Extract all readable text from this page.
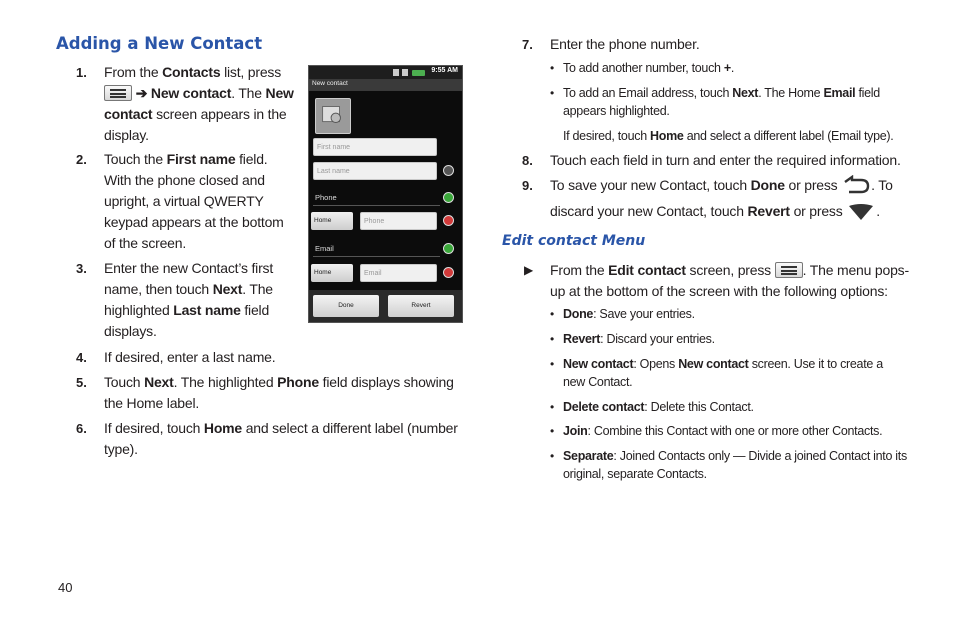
Adding a New Contact
1. From the Contacts list, press
➔ New contact. The New contact screen appears in the display.
2. Touch the First name field. With the phone closed and upright, a virtual QWERTY keypad appears at the bottom of the screen.
3. Enter the new Contact’s first name, then touch Next. The highlighted Last name field displays.
4. If desired, enter a last name.
5. Touch Next. The highlighted Phone field displays showing the Home label.
6. If desired, touch Home and select a different label (number type).
9:55 AM
New contact
First name
Last name
Phone
Home	Phone
Email
Home	Email
Done	Revert
7. Enter the phone number.
• To add another number, touch +.
• To add an Email address, touch Next. The Home Email field appears highlighted.
If desired, touch Home and select a different label (Email type).
8. Touch each field in turn and enter the required information.
9. To save your new Contact, touch Done or press . To discard your new Contact, touch Revert or press .
Edit contact Menu
▶ From the Edit contact screen, press
. The menu pops-up at the bottom of the screen with the following options:
• Done: Save your entries.
• Revert: Discard your entries.
• New contact: Opens New contact screen. Use it to create a new Contact.
• Delete contact: Delete this Contact.
• Join: Combine this Contact with one or more other Contacts.
• Separate: Joined Contacts only — Divide a joined Contact into its original, separate Contacts.
40
